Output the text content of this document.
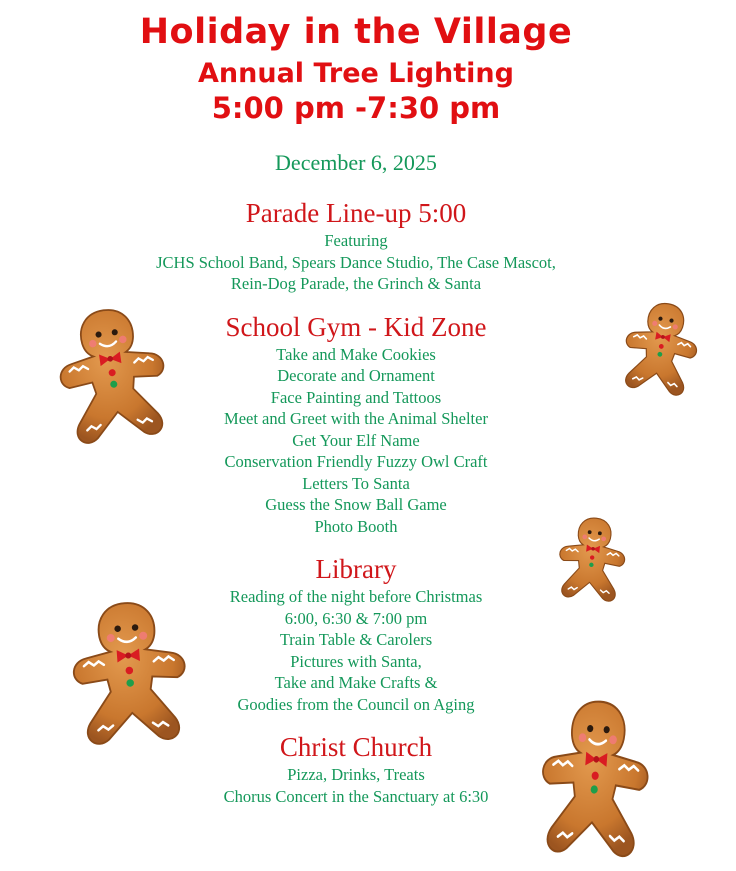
Holiday in the Village
Annual Tree Lighting
5:00 pm -7:30 pm
December 6, 2025
Parade Line-up 5:00
Featuring
JCHS School Band, Spears Dance Studio, The Case Mascot,
Rein-Dog Parade, the Grinch & Santa
School Gym - Kid Zone
Take and Make Cookies
Decorate and Ornament
Face Painting and Tattoos
Meet and Greet with the Animal Shelter
Get Your Elf Name
Conservation Friendly Fuzzy Owl Craft
Letters To Santa
Guess the Snow Ball Game
Photo Booth
Library
Reading of the night before Christmas
6:00, 6:30 & 7:00 pm
Train Table & Carolers
Pictures with Santa,
Take and Make Crafts &
Goodies from the Council on Aging
Christ Church
Pizza, Drinks, Treats
Chorus Concert in the Sanctuary at 6:30
